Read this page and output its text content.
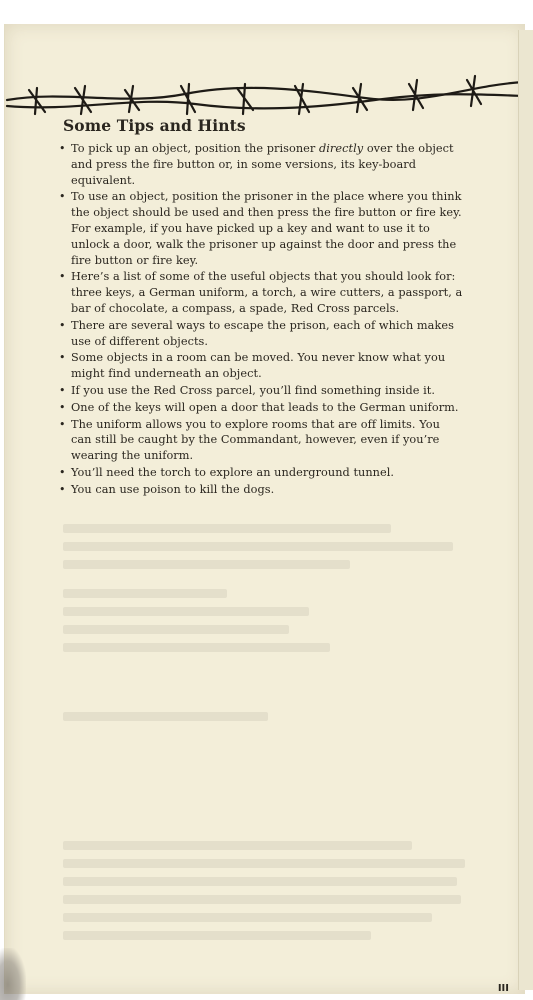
Some Tips and Hints
• To pick up an object, position the prisoner directly over the object and press the fire button or, in some versions, its key-board equivalent.
• To use an object, position the prisoner in the place where you think the object should be used and then press the fire button or fire key. For example, if you have picked up a key and want to use it to unlock a door, walk the prisoner up against the door and press the fire button or fire key.
• Here’s a list of some of the useful objects that you should look for: three keys, a German uniform, a torch, a wire cutters, a passport, a bar of chocolate, a compass, a spade, Red Cross parcels.
• There are several ways to escape the prison, each of which makes use of different objects.
• Some objects in a room can be moved. You never know what you might find underneath an object.
• If you use the Red Cross parcel, you’ll find something inside it.
• One of the keys will open a door that leads to the German uniform.
• The uniform allows you to explore rooms that are off limits. You can still be caught by the Commandant, however, even if you’re wearing the uniform.
• You’ll need the torch to explore an underground tunnel.
• You can use poison to kill the dogs.
III
